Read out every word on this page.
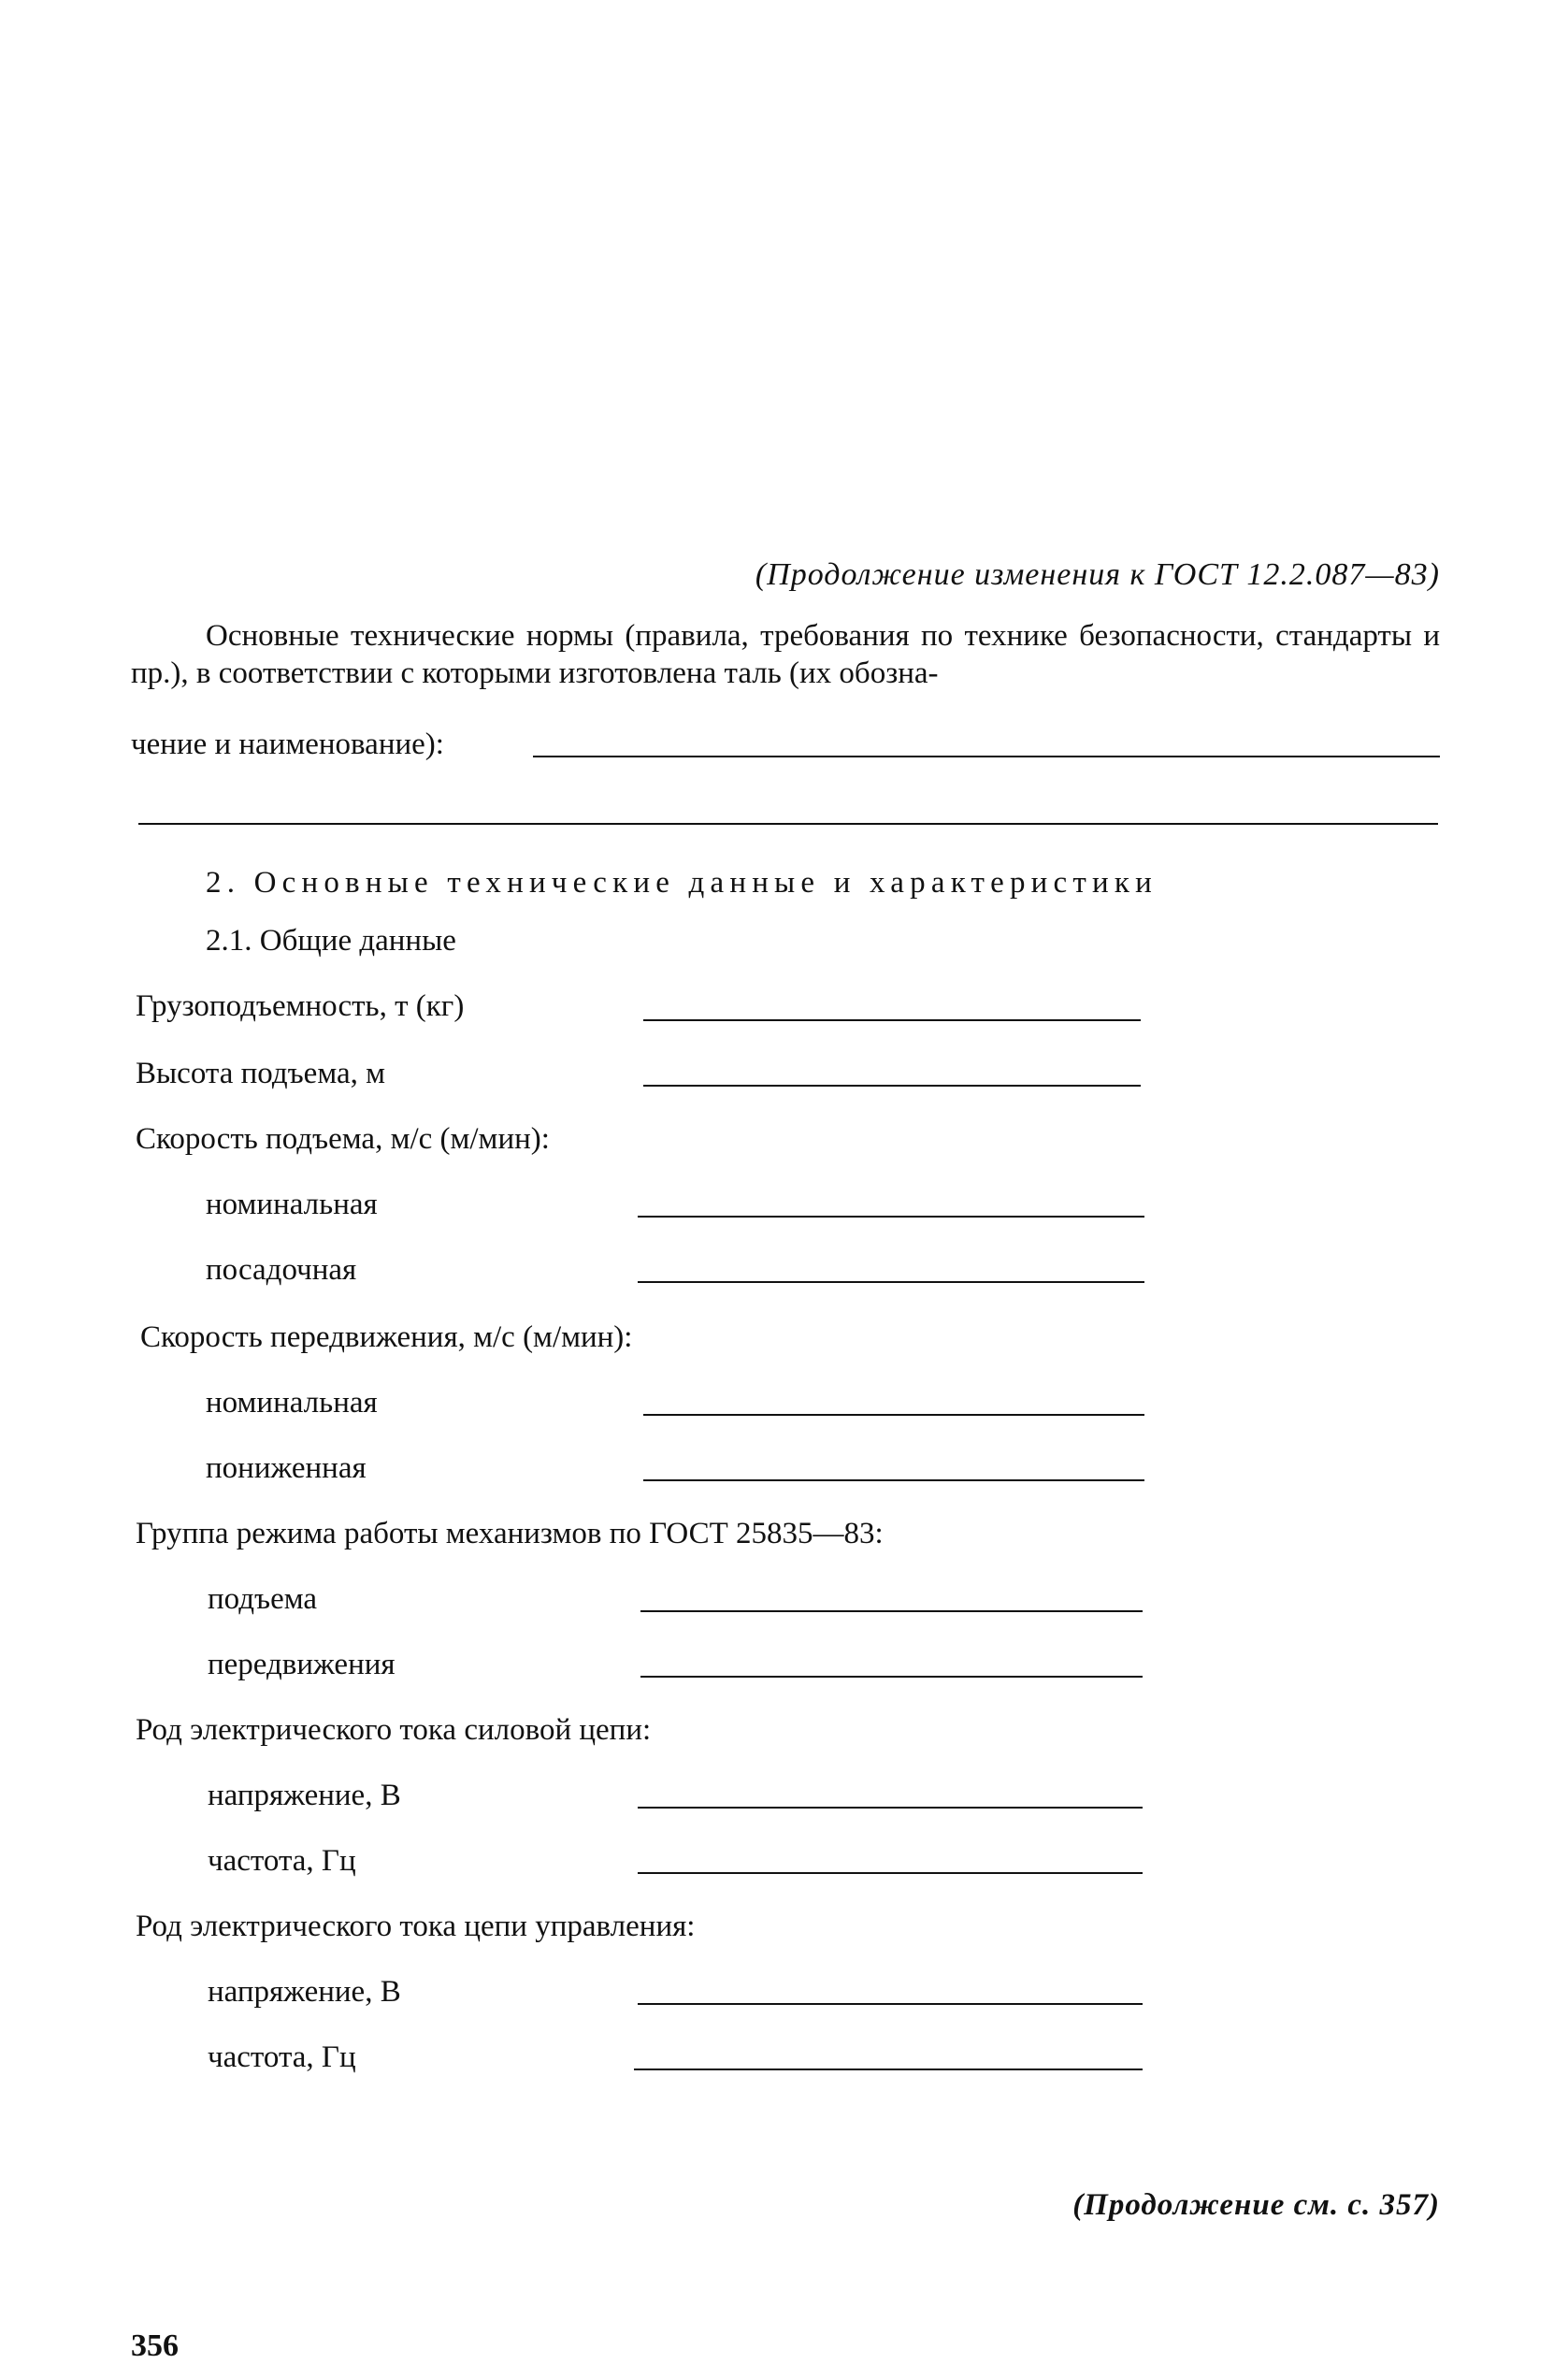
(Продолжение изменения к ГОСТ 12.2.087—83)
Основные технические нормы (правила, требования по технике безопасности, стандарты и пр.), в соответствии с которыми изготовлена таль (их обозна-
чение и наименование):
2. Основные технические данные и характеристики
2.1. Общие данные
Грузоподъемность, т (кг)
Высота подъема, м
Скорость подъема, м/с (м/мин):
номинальная
посадочная
Скорость передвижения, м/с (м/мин):
номинальная
пониженная
Группа режима работы механизмов по ГОСТ 25835—83:
подъема
передвижения
Род электрического тока силовой цепи:
напряжение, В
частота, Гц
Род электрического тока цепи управления:
напряжение, В
частота, Гц
(Продолжение см. с. 357)
356
